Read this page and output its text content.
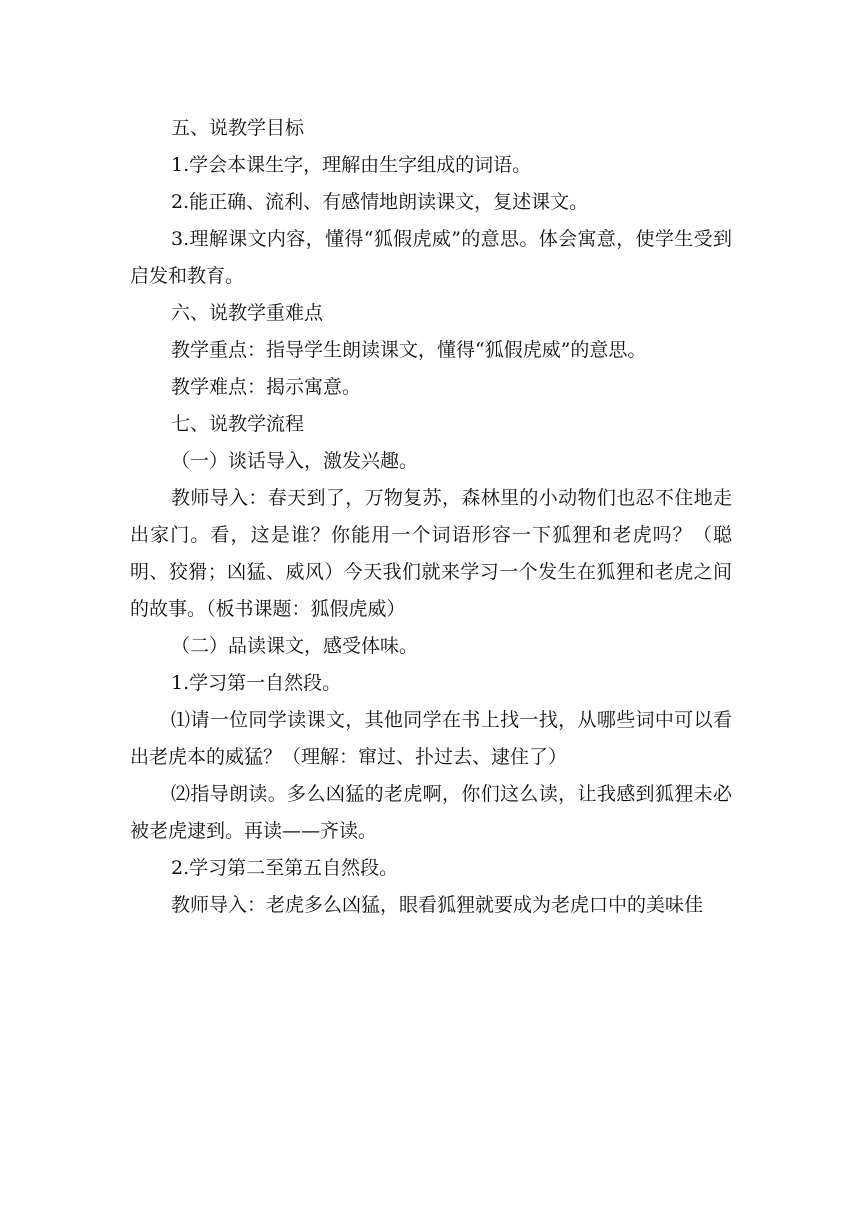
五、说教学目标

1.学会本课生字，理解由生字组成的词语。

2.能正确、流利、有感情地朗读课文，复述课文。

3.理解课文内容，懂得“狐假虎威”的意思。体会寓意，使学生受到启发和教育。

六、说教学重难点

教学重点：指导学生朗读课文，懂得“狐假虎威”的意思。

教学难点：揭示寓意。

七、说教学流程

（一）谈话导入，激发兴趣。

教师导入：春天到了，万物复苏，森林里的小动物们也忍不住地走出家门。看，这是谁？你能用一个词语形容一下狐狸和老虎吗？（聪明、狡猾；凶猛、威风）今天我们就来学习一个发生在狐狸和老虎之间的故事。（板书课题：狐假虎威）

（二）品读课文，感受体味。

1.学习第一自然段。

⑴请一位同学读课文，其他同学在书上找一找，从哪些词中可以看出老虎本的威猛？（理解：窜过、扑过去、逮住了）

⑵指导朗读。多么凶猛的老虎啊，你们这么读，让我感到狐狸未必被老虎逮到。再读——齐读。

2.学习第二至第五自然段。

教师导入：老虎多么凶猛，眼看狐狸就要成为老虎口中的美味佳
